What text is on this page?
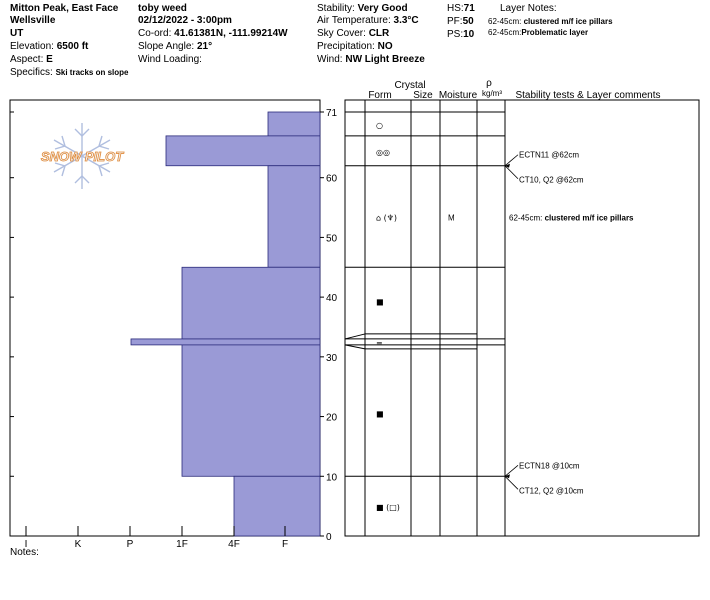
Mitton Peak, East Face
Wellsville
UT
Elevation: 6500 ft
Aspect: E
Specifics: Ski tracks on slope
toby weed
02/12/2022 - 3:00pm
Co-ord: 41.61381N, -111.99214W
Slope Angle: 21°
Wind Loading:
Stability: Very Good
Air Temperature: 3.3°C
Sky Cover: CLR
Precipitation: NO
Wind: NW Light Breeze
HS:71
PF:50
PS:10
Layer Notes:
62-45cm: clustered m/f ice pillars
62-45cm:Problematic layer
Notes:
SNOW PILOT
I	K	P	1F	4F	F
0
10
20
30
40
50
60
71
Crystal
Form Size Moisture
ρ
kg/m³ Stability tests & Layer comments
○
◎◎
⌂ (♆)	M	62-45cm: clustered m/f ice pillars
■
=
■
■ (□)
ECTN11 @62cm
CT10, Q2 @62cm
ECTN18 @10cm
CT12, Q2 @10cm
